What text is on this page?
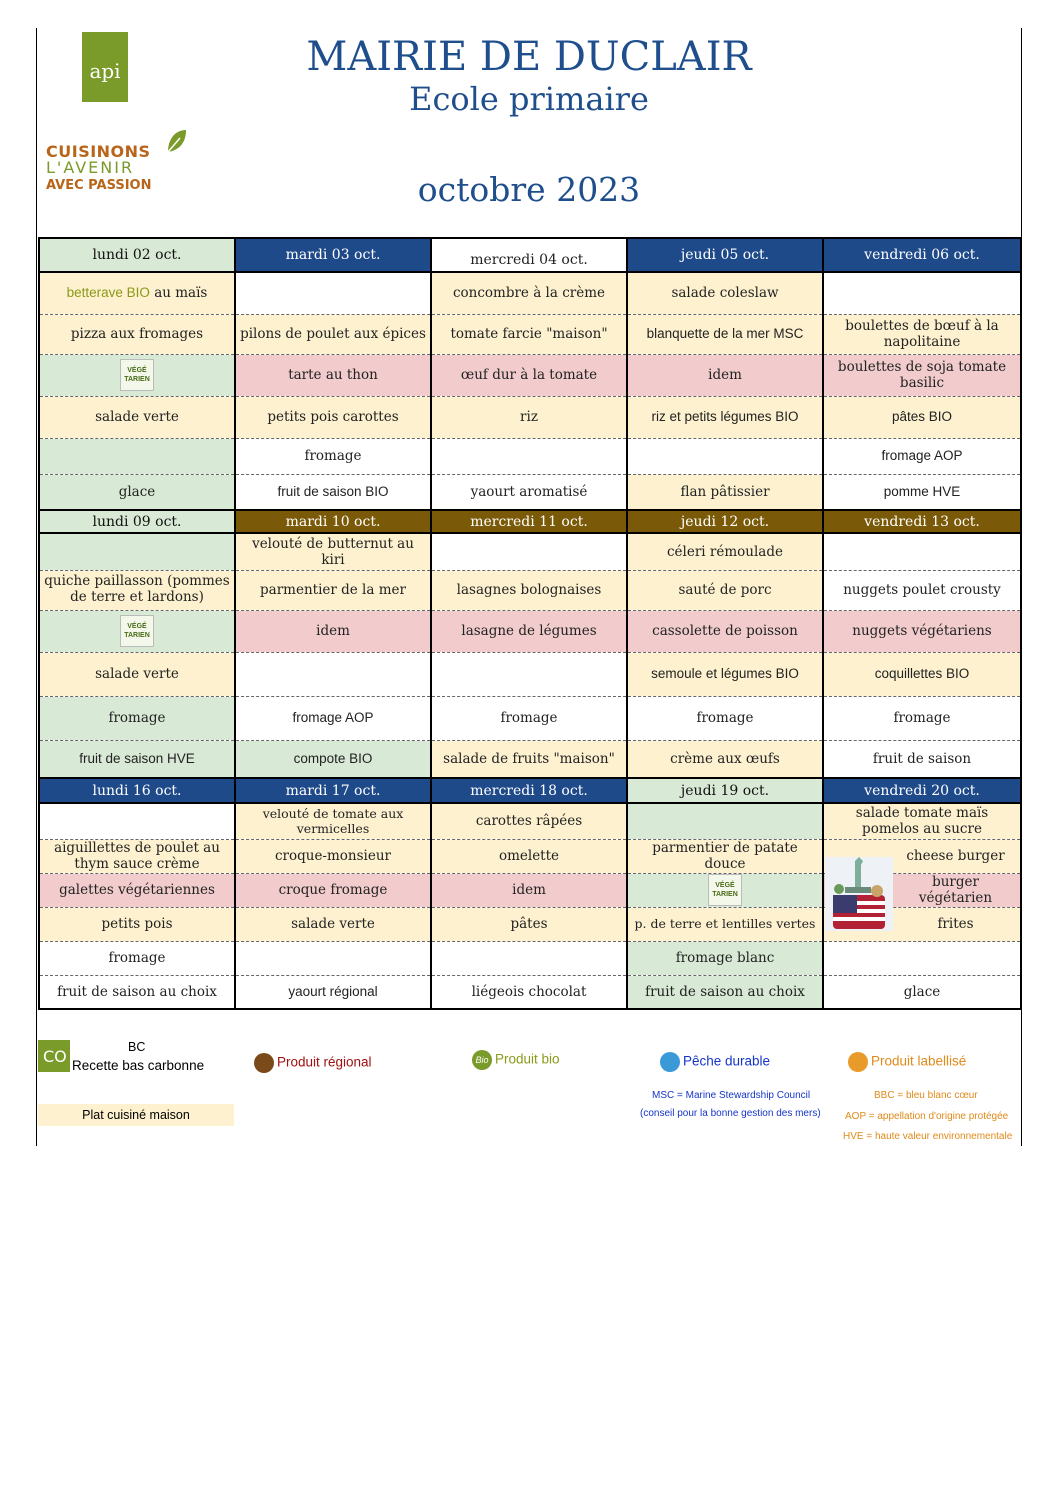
api
CUISINONS
L'AVENIR
AVEC PASSION
MAIRIE DE DUCLAIR
Ecole primaire
octobre 2023
lundi 02 oct.	mardi 03 oct.	mercredi 04 oct.	jeudi 05 oct.	vendredi 06 oct.
betterave BIO au maïs		concombre à la crème	salade coleslaw	
pizza aux fromages	pilons de poulet aux épices	tomate farcie "maison"	blanquette de la mer MSC	boulettes de bœuf à la napolitaine
VÉGÉ TARIEN	tarte au thon	œuf dur à la tomate	idem	boulettes de soja tomate basilic
salade verte	petits pois carottes	riz	riz et petits légumes BIO	pâtes BIO
	fromage			fromage AOP
glace	fruit de saison BIO	yaourt aromatisé	flan pâtissier	pomme HVE
lundi 09 oct.	mardi 10 oct.	mercredi 11 oct.	jeudi 12 oct.	vendredi 13 oct.
	velouté de butternut au kiri		céleri rémoulade	

quiche paillasson (pommes de terre et lardons)	parmentier de la mer	lasagnes bolognaises	sauté de porc	nuggets poulet crousty
VÉGÉ TARIEN	idem	lasagne de légumes	cassolette de poisson	nuggets végétariens
salade verte			semoule et légumes BIO	coquillettes BIO
fromage	fromage AOP	fromage	fromage	fromage
fruit de saison HVE	compote BIO	salade de fruits "maison"	crème aux œufs	fruit de saison
lundi 16 oct.	mardi 17 oct.	mercredi 18 oct.	jeudi 19 oct.	vendredi 20 oct.
	velouté de tomate aux vermicelles	carottes râpées		salade tomate maïs pomelos au sucre
aiguillettes de poulet au thym sauce crème	croque-monsieur	omelette	parmentier de patate douce	cheese burger
galettes végétariennes	croque fromage	idem	VÉGÉ TARIEN	burger végétarien
petits pois	salade verte	pâtes	p. de terre et lentilles vertes	frites
fromage			fromage blanc	
fruit de saison au choix	yaourt régional	liégeois chocolat	fruit de saison au choix	glace
CO	BC
Recette bas carbonne
Plat cuisiné maison
Produit régional	Bio Produit bio	Pêche durable
MSC = Marine Stewardship Council
(conseil pour la bonne gestion des mers)
Produit labellisé
BBC = bleu blanc cœur
AOP = appellation d'origine protégée
HVE = haute valeur environnementale
